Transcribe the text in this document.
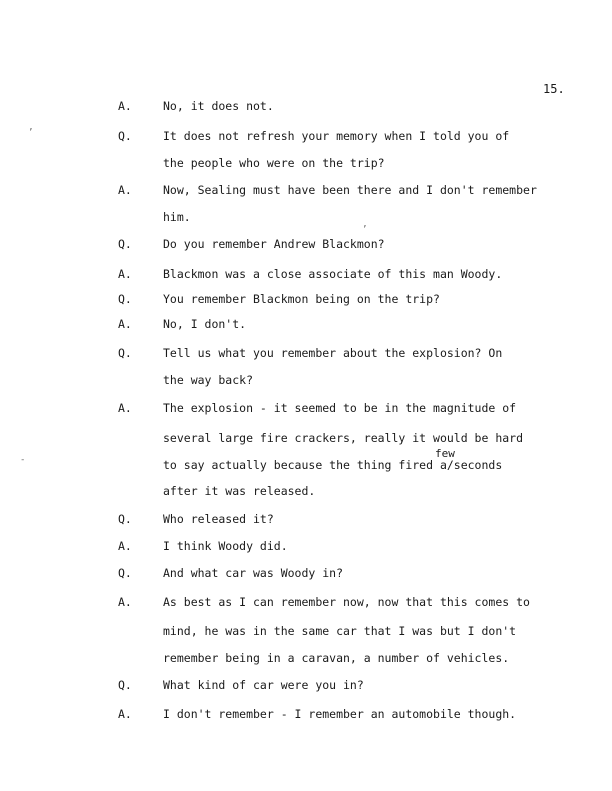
15.
’
-
’
A.	No, it does not.
Q.	It does not refresh your memory when I told you of
the people who were on the trip?
A.	Now, Sealing must have been there and I don't remember
him.
Q.	Do you remember Andrew Blackmon?
A.	Blackmon was a close associate of this man Woody.
Q.	You remember Blackmon being on the trip?
A.	No, I don't.
Q.	Tell us what you remember about the explosion? On
the way back?
A.	The explosion - it seemed to be in the magnitude of
several large fire crackers, really it would be hard
few
to say actually because the thing fired a/seconds
after it was released.
Q.	Who released it?
A.	I think Woody did.
Q.	And what car was Woody in?
A.	As best as I can remember now, now that this comes to
mind, he was in the same car that I was but I don't
remember being in a caravan, a number of vehicles.
Q.	What kind of car were you in?
A.	I don't remember - I remember an automobile though.
